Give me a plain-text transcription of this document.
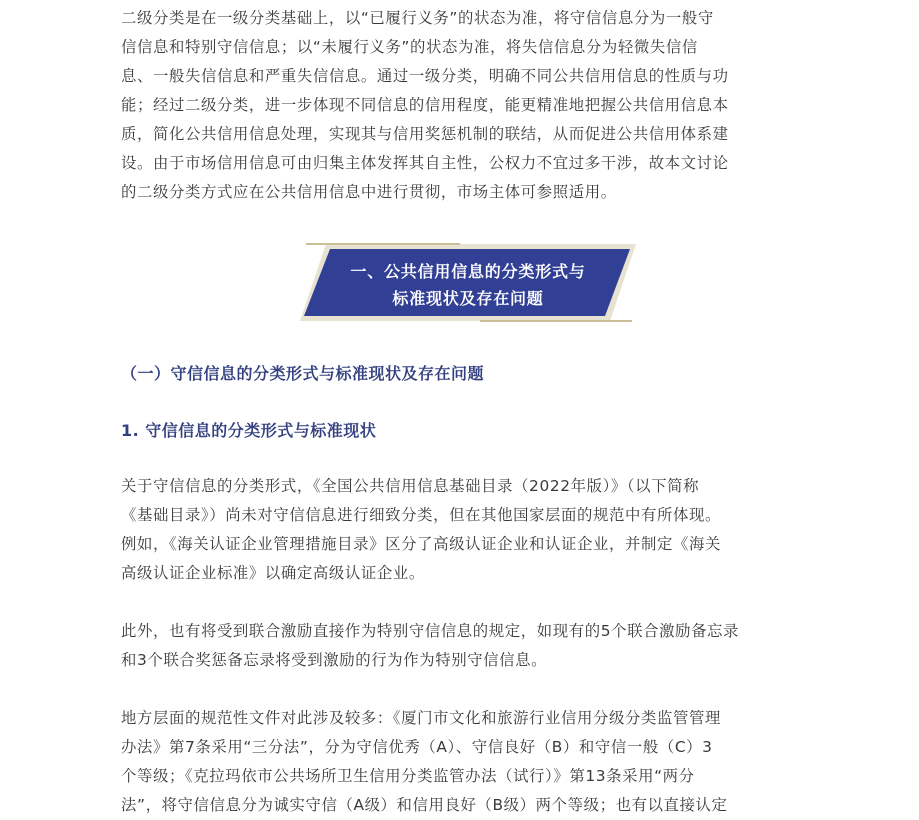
二级分类是在一级分类基础上，以“已履行义务”的状态为准，将守信信息分为一般守
信信息和特别守信信息；以“未履行义务”的状态为准，将失信信息分为轻微失信信
息、一般失信信息和严重失信信息。通过一级分类，明确不同公共信用信息的性质与功
能；经过二级分类，进一步体现不同信息的信用程度，能更精准地把握公共信用信息本
质，简化公共信用信息处理，实现其与信用奖惩机制的联结，从而促进公共信用体系建
设。由于市场信用信息可由归集主体发挥其自主性，公权力不宜过多干涉，故本文讨论
的二级分类方式应在公共信用信息中进行贯彻，市场主体可参照适用。
一、公共信用信息的分类形式与
标准现状及存在问题
（一）守信信息的分类形式与标准现状及存在问题
1. 守信信息的分类形式与标准现状
关于守信信息的分类形式，《全国公共信用信息基础目录（2022年版）》（以下简称
《基础目录》）尚未对守信信息进行细致分类，但在其他国家层面的规范中有所体现。
例如，《海关认证企业管理措施目录》区分了高级认证企业和认证企业，并制定《海关
高级认证企业标准》以确定高级认证企业。
此外，也有将受到联合激励直接作为特别守信信息的规定，如现有的5个联合激励备忘录
和3个联合奖惩备忘录将受到激励的行为作为特别守信信息。
地方层面的规范性文件对此涉及较多：《厦门市文化和旅游行业信用分级分类监管管理
办法》第7条采用“三分法”，分为守信优秀（A）、守信良好（B）和守信一般（C）3
个等级；《克拉玛依市公共场所卫生信用分类监管办法（试行）》第13条采用“两分
法”，将守信信息分为诚实守信（A级）和信用良好（B级）两个等级；也有以直接认定
